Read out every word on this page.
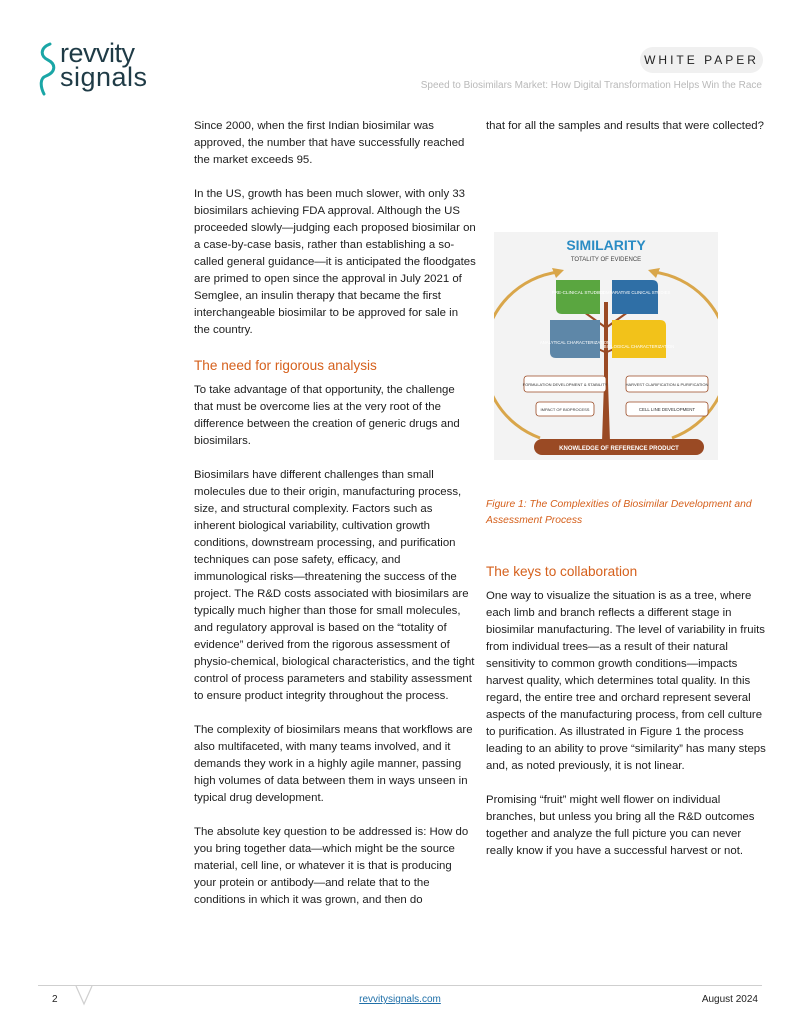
revvity
signals
WHITE PAPER
Speed to Biosimilars Market: How Digital Transformation Helps Win the Race

Since 2000, when the first Indian biosimilar was approved, the number that have successfully reached the market exceeds 95.

In the US, growth has been much slower, with only 33 biosimilars achieving FDA approval. Although the US proceeded slowly—judging each proposed biosimilar on a case-by-case basis, rather than establishing a so-called general guidance—it is anticipated the floodgates are primed to open since the approval in July 2021 of Semglee, an insulin therapy that became the first interchangeable biosimilar to be approved for sale in the country.

The need for rigorous analysis

To take advantage of that opportunity, the challenge that must be overcome lies at the very root of the difference between the creation of generic drugs and biosimilars.

Biosimilars have different challenges than small molecules due to their origin, manufacturing process, size, and structural complexity. Factors such as inherent biological variability, cultivation growth conditions, downstream processing, and purification techniques can pose safety, efficacy, and immunological risks—threatening the success of the project. The R&D costs associated with biosimilars are typically much higher than those for small molecules, and regulatory approval is based on the “totality of evidence” derived from the rigorous assessment of physio-chemical, biological characteristics, and the tight control of process parameters and stability assessment to ensure product integrity throughout the process.

The complexity of biosimilars means that workflows are also multifaceted, with many teams involved, and it demands they work in a highly agile manner, passing high volumes of data between them in ways unseen in typical drug development.

The absolute key question to be addressed is: How do you bring together data—which might be the source material, cell line, or whatever it is that is producing your protein or antibody—and relate that to the conditions in which it was grown, and then do

that for all the samples and results that were collected?

SIMILARITY
TOTALITY OF EVIDENCE
PRE-CLINICAL STUDIES
COMPARATIVE CLINICAL STUDIES
ANALYTICAL CHARACTERIZATION
BIOLOGICAL CHARACTERIZATION
FORMULATION DEVELOPMENT & STABILITY	HARVEST CLARIFICATION & PURIFICATION
IMPACT OF BIOPROCESS	CELL LINE DEVELOPMENT
KNOWLEDGE OF REFERENCE PRODUCT
Figure 1: The Complexities of Biosimilar Development and Assessment Process
The keys to collaboration

One way to visualize the situation is as a tree, where each limb and branch reflects a different stage in biosimilar manufacturing. The level of variability in fruits from individual trees—as a result of their natural sensitivity to common growth conditions—impacts harvest quality, which determines total quality. In this regard, the entire tree and orchard represent several aspects of the manufacturing process, from cell culture to purification. As illustrated in Figure 1 the process leading to an ability to prove “similarity” has many steps and, as noted previously, it is not linear.

Promising “fruit” might well flower on individual branches, but unless you bring all the R&D outcomes together and analyze the full picture you can never really know if you have a successful harvest or not.

2	revvitysignals.com	August 2024
